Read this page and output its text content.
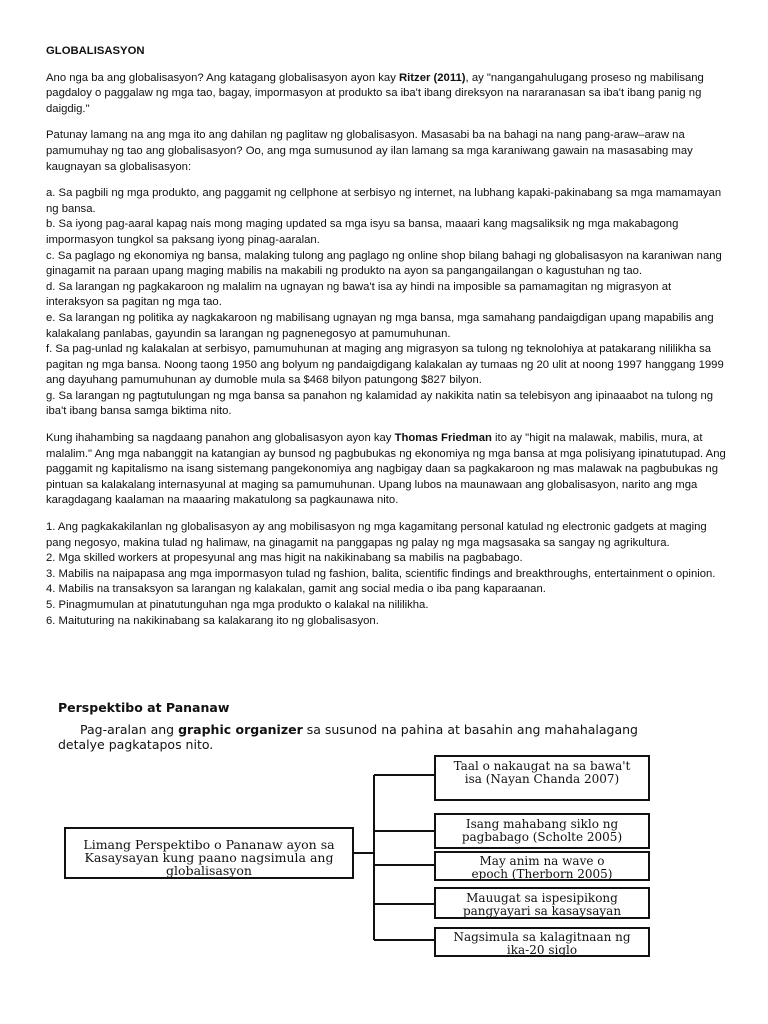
GLOBALISASYON

Ano nga ba ang globalisasyon? Ang katagang globalisasyon ayon kay Ritzer (2011), ay "nangangahulugang proseso ng mabilisang pagdaloy o paggalaw ng mga tao, bagay, impormasyon at produkto sa iba't ibang direksyon na nararanasan sa iba't ibang panig ng daigdig."

Patunay lamang na ang mga ito ang dahilan ng paglitaw ng globalisasyon. Masasabi ba na bahagi na nang pang-araw–araw na pamumuhay ng tao ang globalisasyon? Oo, ang mga sumusunod ay ilan lamang sa mga karaniwang gawain na masasabing may kaugnayan sa globalisasyon:

a. Sa pagbili ng mga produkto, ang paggamit ng cellphone at serbisyo ng internet, na lubhang kapaki-pakinabang sa mga mamamayan ng bansa.
b. Sa iyong pag-aaral kapag nais mong maging updated sa mga isyu sa bansa, maaari kang magsaliksik ng mga makabagong impormasyon tungkol sa paksang iyong pinag-aaralan.
c. Sa paglago ng ekonomiya ng bansa, malaking tulong ang paglago ng online shop bilang bahagi ng globalisasyon na karaniwan nang ginagamit na paraan upang maging mabilis na makabili ng produkto na ayon sa pangangailangan o kagustuhan ng tao.
d. Sa larangan ng pagkakaroon ng malalim na ugnayan ng bawa't isa ay hindi na imposible sa pamamagitan ng migrasyon at interaksyon sa pagitan ng mga tao.
e. Sa larangan ng politika ay nagkakaroon ng mabilisang ugnayan ng mga bansa, mga samahang pandaigdigan upang mapabilis ang kalakalang panlabas, gayundin sa larangan ng pagnenegosyo at pamumuhunan.
f. Sa pag-unlad ng kalakalan at serbisyo, pamumuhunan at maging ang migrasyon sa tulong ng teknolohiya at patakarang nililikha sa pagitan ng mga bansa. Noong taong 1950 ang bolyum ng pandaigdigang kalakalan ay tumaas ng 20 ulit at noong 1997 hanggang 1999 ang dayuhang pamumuhunan ay dumoble mula sa $468 bilyon patungong $827 bilyon.
g. Sa larangan ng pagtutulungan ng mga bansa sa panahon ng kalamidad ay nakikita natin sa telebisyon ang ipinaaabot na tulong ng iba't ibang bansa samga biktima nito.

Kung ihahambing sa nagdaang panahon ang globalisasyon ayon kay Thomas Friedman ito ay "higit na malawak, mabilis, mura, at malalim." Ang mga nabanggit na katangian ay bunsod ng pagbubukas ng ekonomiya ng mga bansa at mga polisiyang ipinatutupad. Ang paggamit ng kapitalismo na isang sistemang pangekonomiya ang nagbigay daan sa pagkakaroon ng mas malawak na pagbubukas ng pintuan sa kalakalang internasyunal at maging sa pamumuhunan. Upang lubos na maunawaan ang globalisasyon, narito ang mga karagdagang kaalaman na maaaring makatulong sa pagkaunawa nito.

1. Ang pagkakakilanlan ng globalisasyon ay ang mobilisasyon ng mga kagamitang personal katulad ng electronic gadgets at maging pang negosyo, makina tulad ng halimaw, na ginagamit na panggapas ng palay ng mga magsasaka sa sangay ng agrikultura.
2. Mga skilled workers at propesyunal ang mas higit na nakikinabang sa mabilis na pagbabago.
3. Mabilis na naipapasa ang mga impormasyon tulad ng fashion, balita, scientific findings and breakthroughs, entertainment o opinion.
4. Mabilis na transaksyon sa larangan ng kalakalan, gamit ang social media o iba pang kaparaanan.
5. Pinagmumulan at pinatutunguhan nga mga produkto o kalakal na nililikha.
6. Maituturing na nakikinabang sa kalakarang ito ng globalisasyon.
Perspektibo at Pananaw
Pag-aralan ang graphic organizer sa susunod na pahina at basahin ang mahahalagang detalye pagkatapos nito.
Limang Perspektibo o Pananaw ayon sa Kasaysayan kung paano nagsimula ang globalisasyon
Taal o nakaugat na sa bawa't isa (Nayan Chanda 2007)
Isang mahabang siklo ng pagbabago (Scholte 2005)
May anim na wave o epoch (Therborn 2005)
Mauugat sa ispesipikong pangyayari sa kasaysayan
Nagsimula sa kalagitnaan ng ika-20 siglo
